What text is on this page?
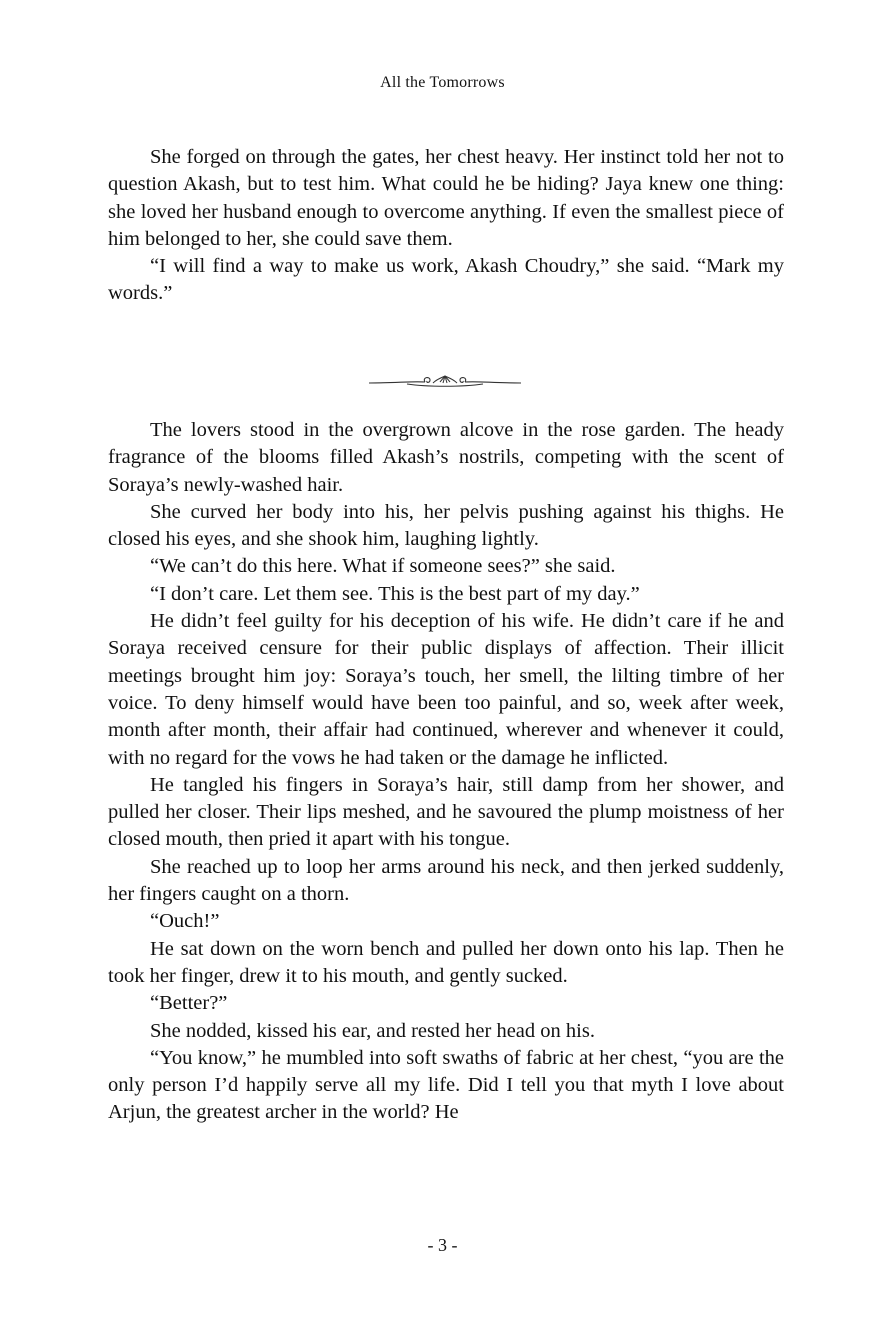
All the Tomorrows

She forged on through the gates, her chest heavy. Her instinct told her not to question Akash, but to test him. What could he be hiding? Jaya knew one thing: she loved her husband enough to overcome anything. If even the smallest piece of him belonged to her, she could save them.

“I will find a way to make us work, Akash Choudry,” she said. “Mark my words.”

The lovers stood in the overgrown alcove in the rose garden. The heady fragrance of the blooms filled Akash’s nostrils, competing with the scent of Soraya’s newly-washed hair.

She curved her body into his, her pelvis pushing against his thighs. He closed his eyes, and she shook him, laughing lightly.

“We can’t do this here. What if someone sees?” she said.

“I don’t care. Let them see. This is the best part of my day.”

He didn’t feel guilty for his deception of his wife. He didn’t care if he and Soraya received censure for their public displays of affection. Their illicit meetings brought him joy: Soraya’s touch, her smell, the lilting timbre of her voice. To deny himself would have been too painful, and so, week after week, month after month, their affair had continued, wherever and whenever it could, with no regard for the vows he had taken or the damage he inflicted.

He tangled his fingers in Soraya’s hair, still damp from her shower, and pulled her closer. Their lips meshed, and he savoured the plump moistness of her closed mouth, then pried it apart with his tongue.

She reached up to loop her arms around his neck, and then jerked suddenly, her fingers caught on a thorn.

“Ouch!”

He sat down on the worn bench and pulled her down onto his lap. Then he took her finger, drew it to his mouth, and gently sucked.

“Better?”

She nodded, kissed his ear, and rested her head on his.

“You know,” he mumbled into soft swaths of fabric at her chest, “you are the only person I’d happily serve all my life. Did I tell you that myth I love about Arjun, the greatest archer in the world? He

- 3 -
